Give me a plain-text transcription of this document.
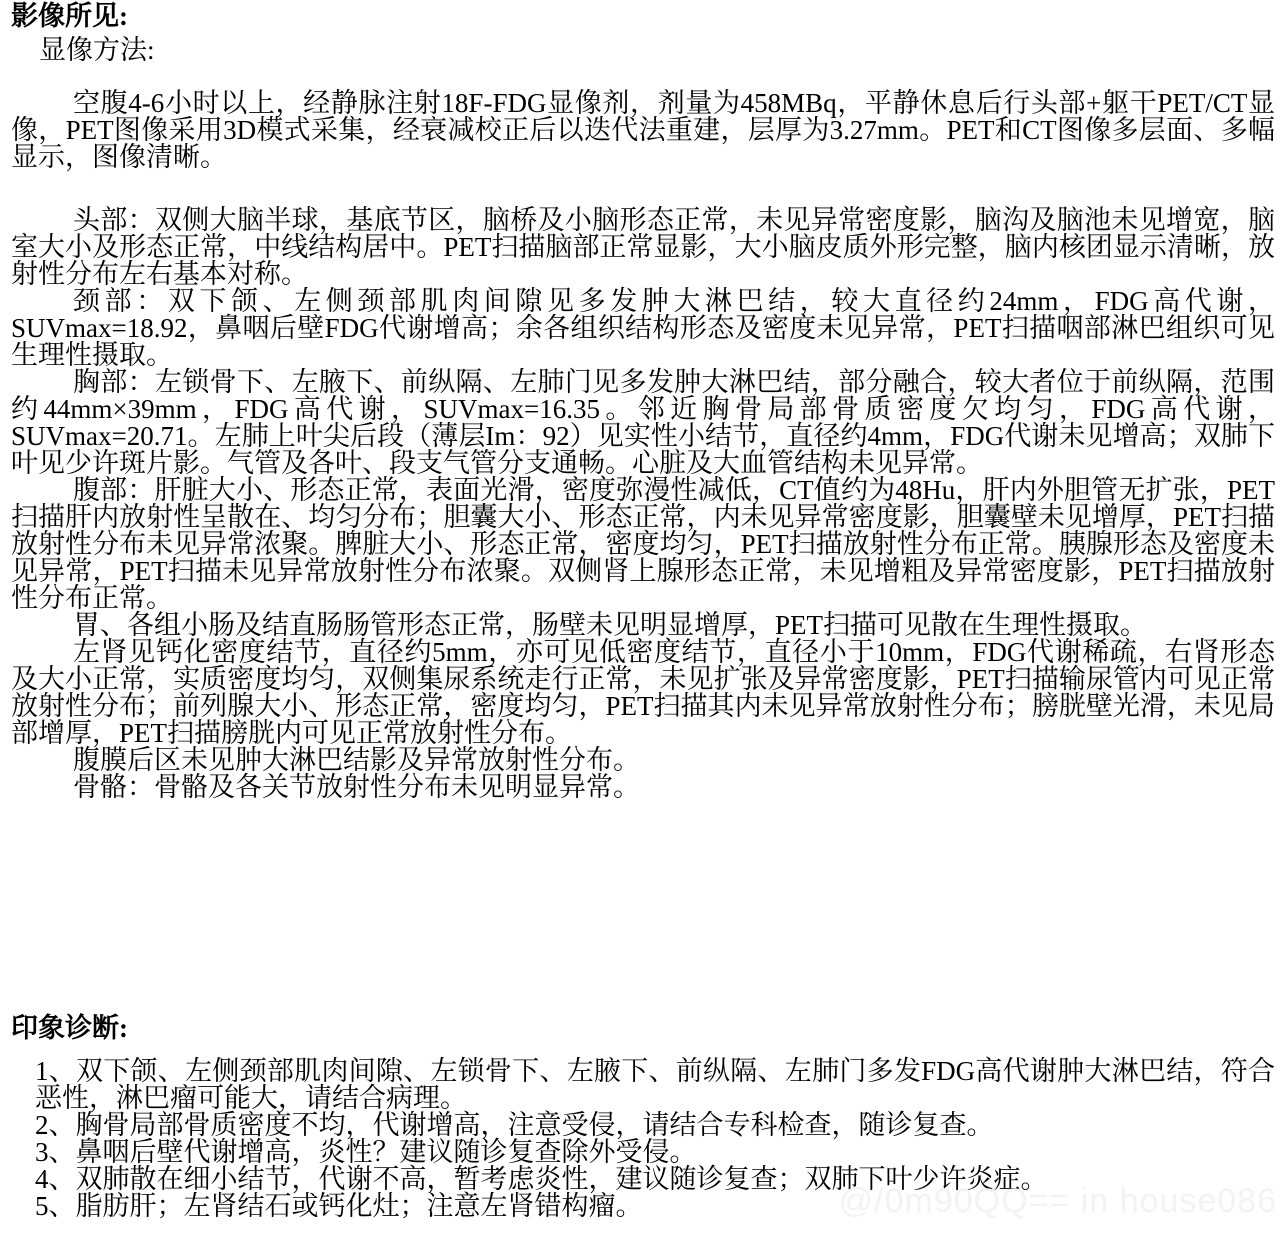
影像所见:
显像方法:

空腹4-6小时以上，经静脉注射18F-FDG显像剂，剂量为458MBq，平静休息后行头部+躯干PET/CT显像，PET图像采用3D模式采集，经衰减校正后以迭代法重建，层厚为3.27mm。PET和CT图像多层面、多幅显示，图像清晰。

头部：双侧大脑半球，基底节区，脑桥及小脑形态正常，未见异常密度影，脑沟及脑池未见增宽，脑室大小及形态正常，中线结构居中。PET扫描脑部正常显影，大小脑皮质外形完整，脑内核团显示清晰，放射性分布左右基本对称。

颈部：双下颌、左侧颈部肌肉间隙见多发肿大淋巴结，较大直径约24mm，FDG高代谢，SUVmax=18.92，鼻咽后壁FDG代谢增高；余各组织结构形态及密度未见异常，PET扫描咽部淋巴组织可见生理性摄取。

胸部：左锁骨下、左腋下、前纵隔、左肺门见多发肿大淋巴结，部分融合，较大者位于前纵隔，范围约44mm×39mm，FDG高代谢，SUVmax=16.35。邻近胸骨局部骨质密度欠均匀，FDG高代谢，SUVmax=20.71。左肺上叶尖后段（薄层Im：92）见实性小结节，直径约4mm，FDG代谢未见增高；双肺下叶见少许斑片影。气管及各叶、段支气管分支通畅。心脏及大血管结构未见异常。

腹部：肝脏大小、形态正常，表面光滑，密度弥漫性减低，CT值约为48Hu，肝内外胆管无扩张，PET扫描肝内放射性呈散在、均匀分布；胆囊大小、形态正常，内未见异常密度影，胆囊壁未见增厚，PET扫描放射性分布未见异常浓聚。脾脏大小、形态正常，密度均匀，PET扫描放射性分布正常。胰腺形态及密度未见异常，PET扫描未见异常放射性分布浓聚。双侧肾上腺形态正常，未见增粗及异常密度影，PET扫描放射性分布正常。

胃、各组小肠及结直肠肠管形态正常，肠壁未见明显增厚，PET扫描可见散在生理性摄取。

左肾见钙化密度结节，直径约5mm，亦可见低密度结节，直径小于10mm，FDG代谢稀疏，右肾形态及大小正常，实质密度均匀，双侧集尿系统走行正常，未见扩张及异常密度影，PET扫描输尿管内可见正常放射性分布；前列腺大小、形态正常，密度均匀，PET扫描其内未见异常放射性分布；膀胱壁光滑，未见局部增厚，PET扫描膀胱内可见正常放射性分布。

腹膜后区未见肿大淋巴结影及异常放射性分布。

骨骼：骨骼及各关节放射性分布未见明显异常。

印象诊断:

1、双下颌、左侧颈部肌肉间隙、左锁骨下、左腋下、前纵隔、左肺门多发FDG高代谢肿大淋巴结，符合恶性，淋巴瘤可能大，请结合病理。

2、胸骨局部骨质密度不均，代谢增高，注意受侵，请结合专科检查，随诊复查。

3、鼻咽后壁代谢增高，炎性？建议随诊复查除外受侵。

4、双肺散在细小结节，代谢不高，暂考虑炎性，建议随诊复查；双肺下叶少许炎症。

5、脂肪肝；左肾结石或钙化灶；注意左肾错构瘤。	@/0m90QQ== in house086
